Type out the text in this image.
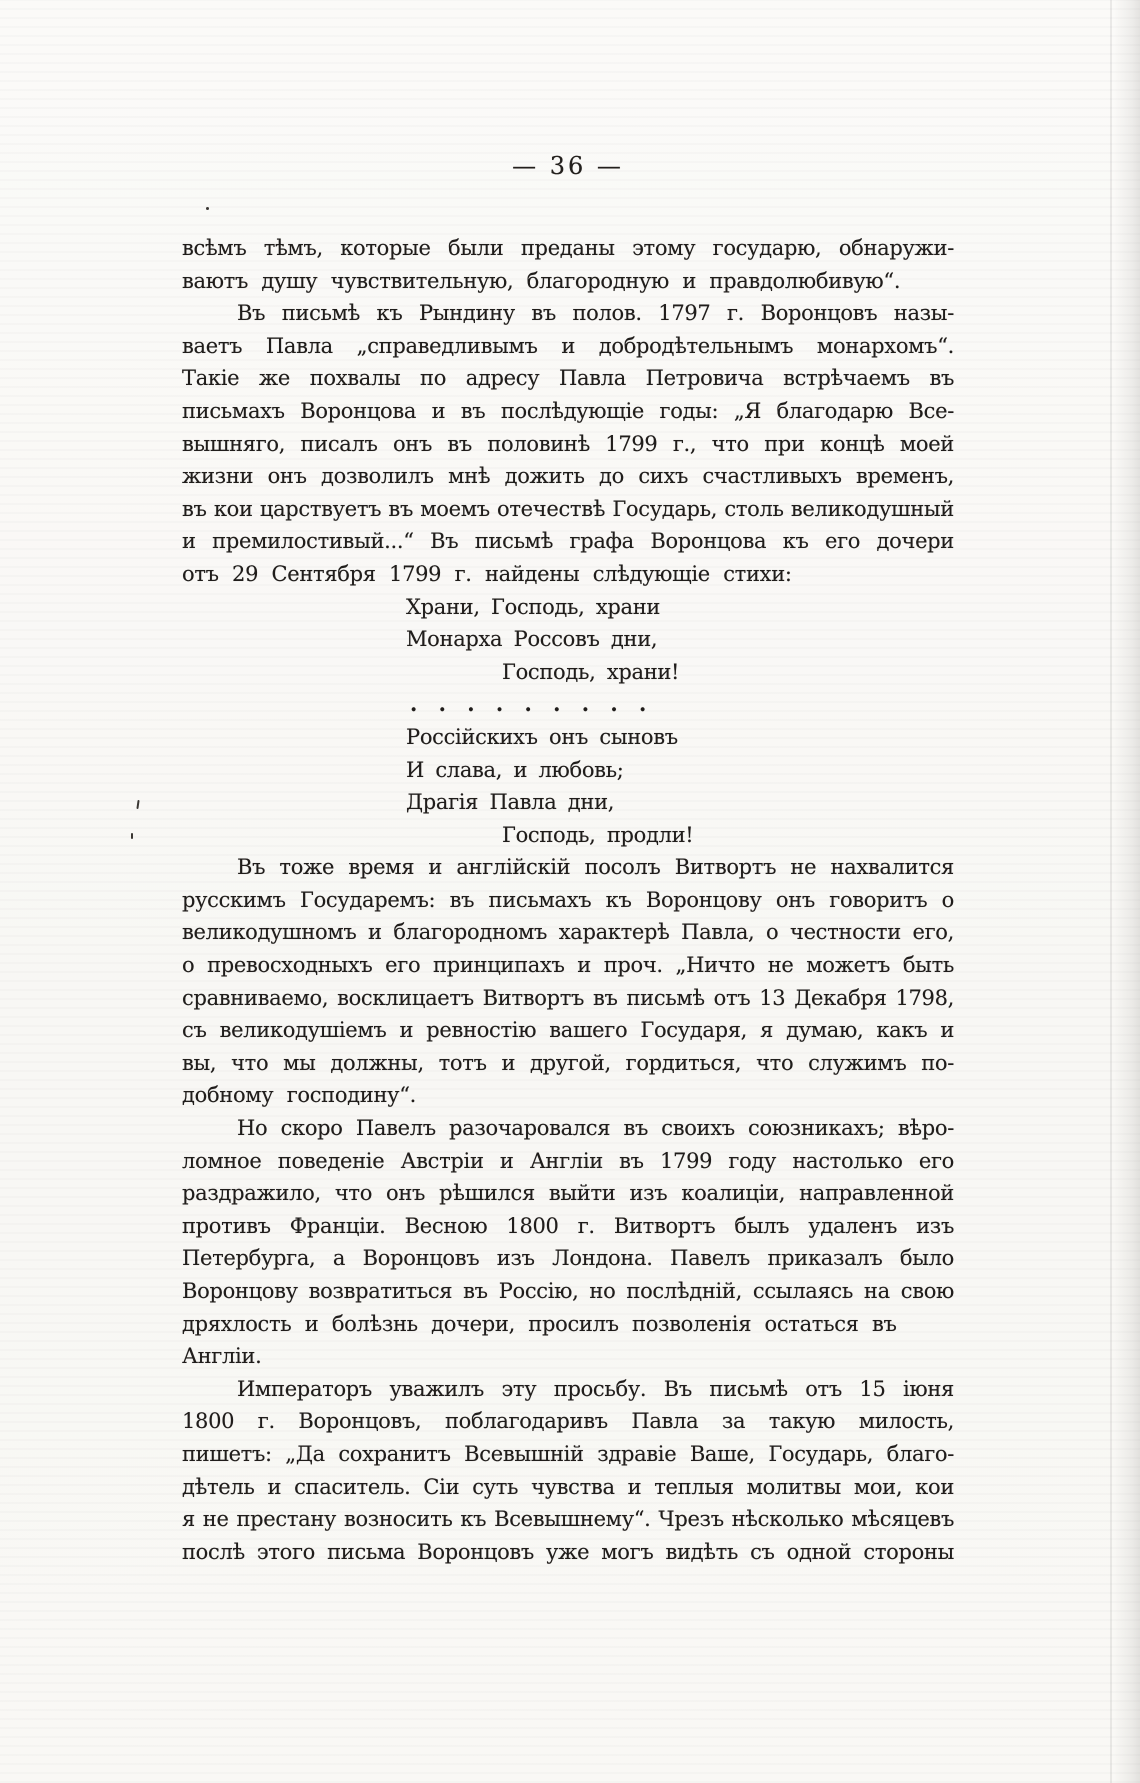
— 36 —
всѣмъ тѣмъ, которые были преданы этому государю, обнаружи-
ваютъ душу чувствительную, благородную и правдолюбивую“.
Въ письмѣ къ Рындину въ полов. 1797 г. Воронцовъ назы-
ваетъ Павла „справедливымъ и добродѣтельнымъ монархомъ“.
Такіе же похвалы по адресу Павла Петровича встрѣчаемъ въ
письмахъ Воронцова и въ послѣдующіе годы: „Я благодарю Все-
вышняго, писалъ онъ въ половинѣ 1799 г., что при концѣ моей
жизни онъ дозволилъ мнѣ дожить до сихъ счастливыхъ временъ,
въ кои царствуетъ въ моемъ отечествѣ Государь, столь великодушный
и премилостивый...“ Въ письмѣ графа Воронцова къ его дочери
отъ 29 Сентября 1799 г. найдены слѣдующіе стихи:
Храни, Господь, храни
Монарха Россовъ дни,
Господь, храни!
. . . . . . . . .
Россійскихъ онъ сыновъ
И слава, и любовь;
Драгія Павла дни,
Господь, продли!
Въ тоже время и англійскій посолъ Витвортъ не нахвалится
русскимъ Государемъ: въ письмахъ къ Воронцову онъ говоритъ о
великодушномъ и благородномъ характерѣ Павла, о честности его,
о превосходныхъ его принципахъ и проч. „Ничто не можетъ быть
сравниваемо, восклицаетъ Витвортъ въ письмѣ отъ 13 Декабря 1798,
съ великодушіемъ и ревностію вашего Государя, я думаю, какъ и
вы, что мы должны, тотъ и другой, гордиться, что служимъ по-
добному господину“.
Но скоро Павелъ разочаровался въ своихъ союзникахъ; вѣро-
ломное поведеніе Австріи и Англіи въ 1799 году настолько его
раздражило, что онъ рѣшился выйти изъ коалиціи, направленной
противъ Франціи. Весною 1800 г. Витвортъ былъ удаленъ изъ
Петербурга, а Воронцовъ изъ Лондона. Павелъ приказалъ было
Воронцову возвратиться въ Россію, но послѣдній, ссылаясь на свою
дряхлость и болѣзнь дочери, просилъ позволенія остаться въ Англіи.
Императоръ уважилъ эту просьбу. Въ письмѣ отъ 15 іюня
1800 г. Воронцовъ, поблагодаривъ Павла за такую милость,
пишетъ: „Да сохранитъ Всевышній здравіе Ваше, Государь, благо-
дѣтель и спаситель. Сіи суть чувства и теплыя молитвы мои, кои
я не престану возносить къ Всевышнему“. Чрезъ нѣсколько мѣсяцевъ
послѣ этого письма Воронцовъ уже могъ видѣть съ одной стороны
